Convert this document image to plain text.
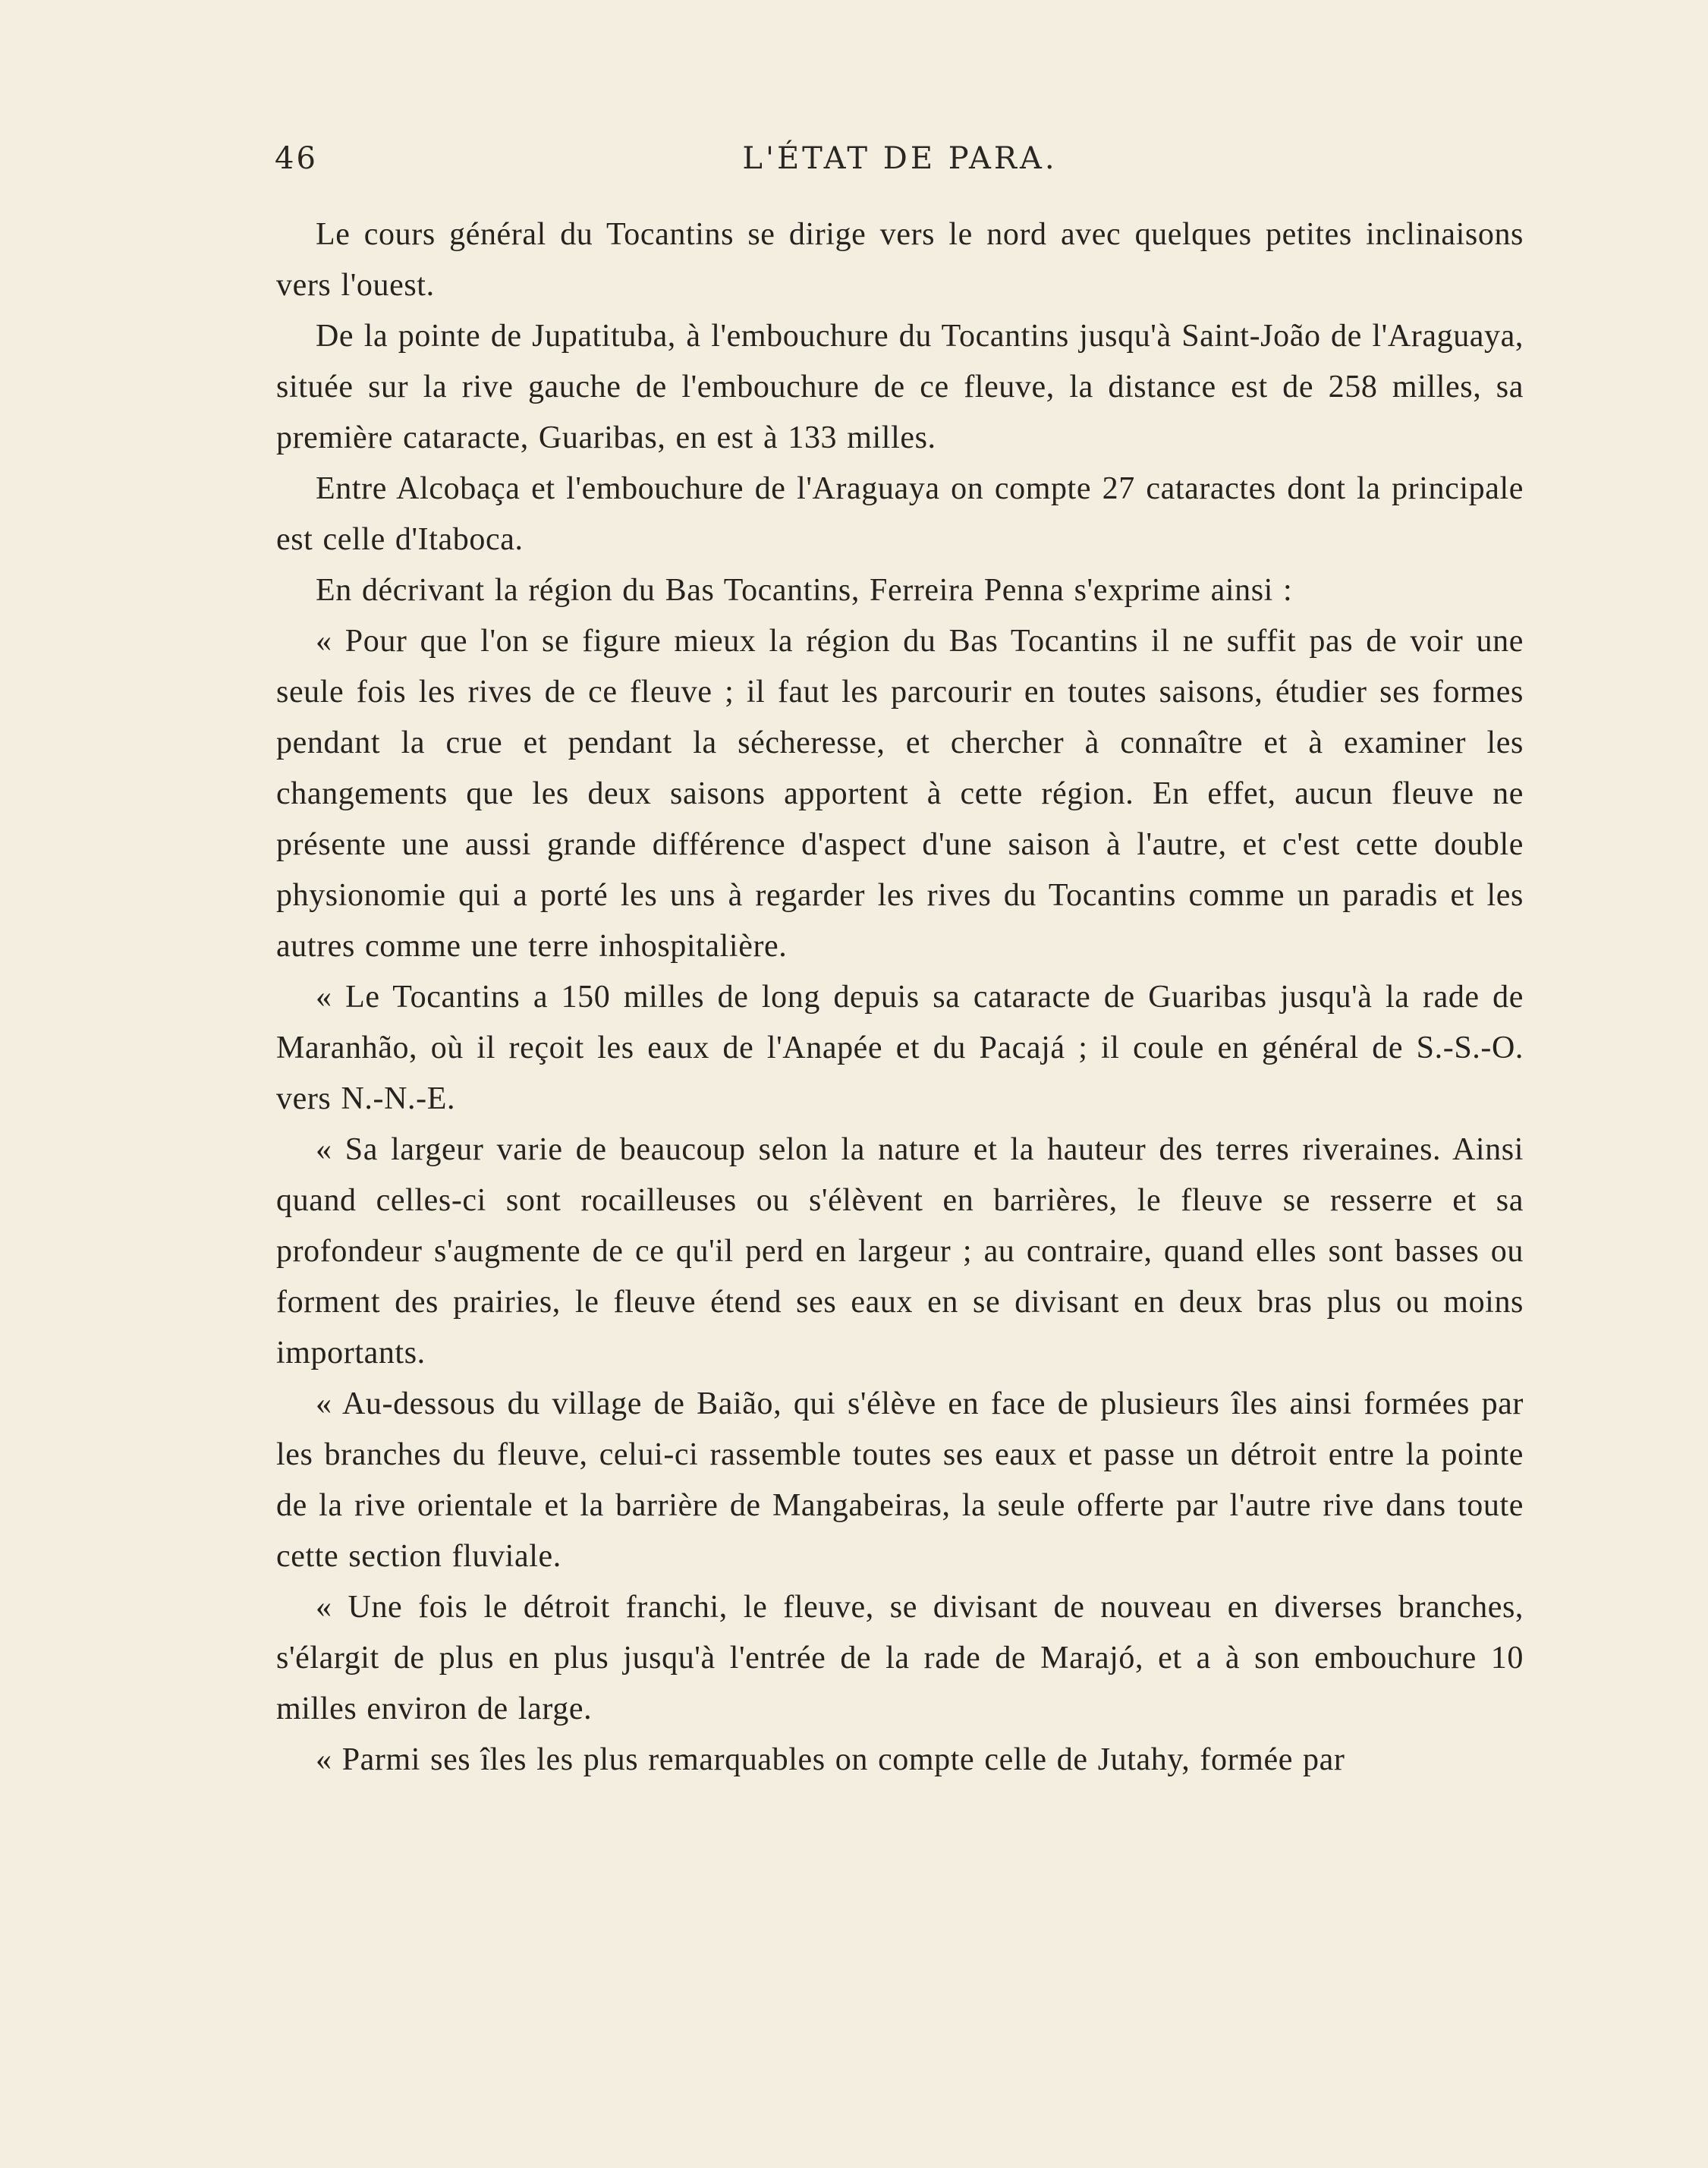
46	L'ÉTAT DE PARA.

Le cours général du Tocantins se dirige vers le nord avec quelques petites inclinaisons vers l'ouest.

De la pointe de Jupatituba, à l'embouchure du Tocantins jusqu'à Saint-João de l'Araguaya, située sur la rive gauche de l'embouchure de ce fleuve, la distance est de 258 milles, sa première cataracte, Guaribas, en est à 133 milles.

Entre Alcobaça et l'embouchure de l'Araguaya on compte 27 cataractes dont la principale est celle d'Itaboca.

En décrivant la région du Bas Tocantins, Ferreira Penna s'exprime ainsi :

« Pour que l'on se figure mieux la région du Bas Tocantins il ne suffit pas de voir une seule fois les rives de ce fleuve ; il faut les parcourir en toutes saisons, étudier ses formes pendant la crue et pendant la sécheresse, et chercher à connaître et à examiner les changements que les deux saisons apportent à cette région. En effet, aucun fleuve ne présente une aussi grande différence d'aspect d'une saison à l'autre, et c'est cette double physionomie qui a porté les uns à regarder les rives du Tocantins comme un paradis et les autres comme une terre inhospitalière.

« Le Tocantins a 150 milles de long depuis sa cataracte de Guaribas jusqu'à la rade de Maranhão, où il reçoit les eaux de l'Anapée et du Pacajá ; il coule en général de S.-S.-O. vers N.-N.-E.

« Sa largeur varie de beaucoup selon la nature et la hauteur des terres riveraines. Ainsi quand celles-ci sont rocailleuses ou s'élèvent en barrières, le fleuve se resserre et sa profondeur s'augmente de ce qu'il perd en largeur ; au contraire, quand elles sont basses ou forment des prairies, le fleuve étend ses eaux en se divisant en deux bras plus ou moins importants.

« Au-dessous du village de Baião, qui s'élève en face de plusieurs îles ainsi formées par les branches du fleuve, celui-ci rassemble toutes ses eaux et passe un détroit entre la pointe de la rive orientale et la barrière de Mangabeiras, la seule offerte par l'autre rive dans toute cette section fluviale.

« Une fois le détroit franchi, le fleuve, se divisant de nouveau en diverses branches, s'élargit de plus en plus jusqu'à l'entrée de la rade de Marajó, et a à son embouchure 10 milles environ de large.

« Parmi ses îles les plus remarquables on compte celle de Jutahy, formée par
